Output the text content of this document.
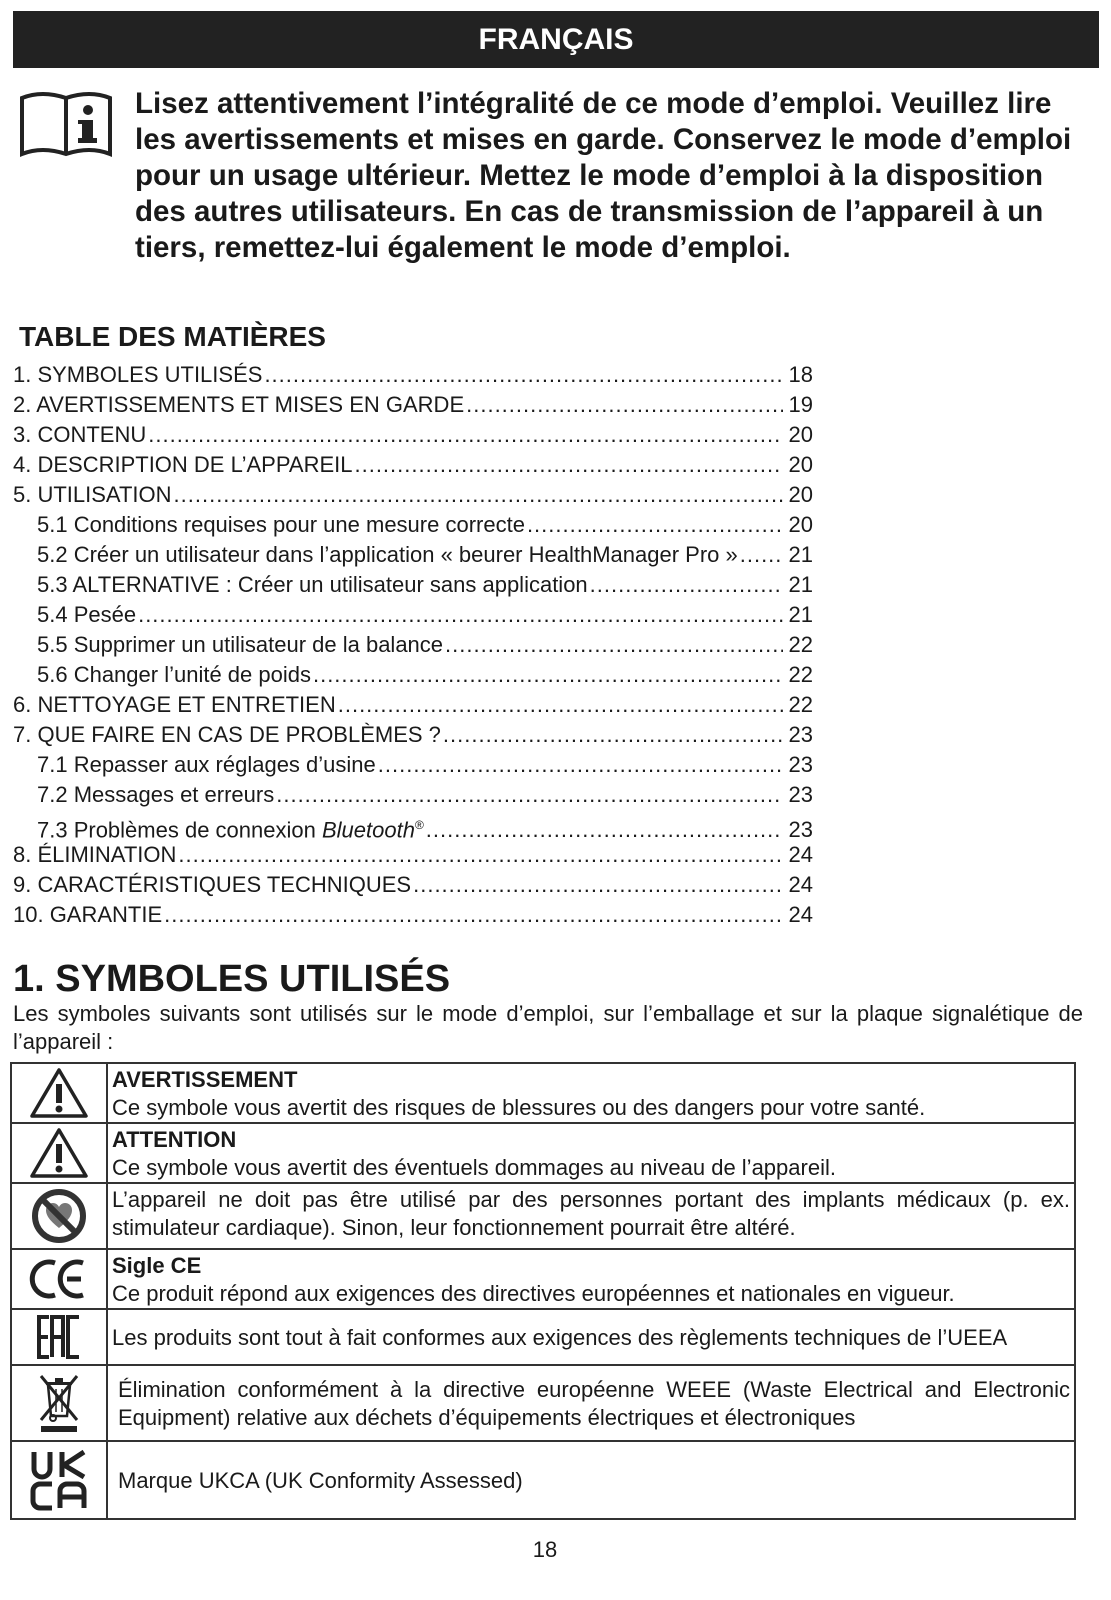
FRANÇAIS
Lisez attentivement l’intégralité de ce mode d’emploi. Veuillez lire les avertissements et mises en garde. Conservez le mode d’emploi pour un usage ultérieur. Mettez le mode d’emploi à la disposition des autres utilisateurs. En cas de transmission de l’appareil à un tiers, remettez-lui également le mode d’emploi.
TABLE DES MATIÈRES
1. SYMBOLES UTILISÉS .....	18
2. AVERTISSEMENTS ET MISES EN GARDE .....	19
3. CONTENU .....	20
4. DESCRIPTION DE L’APPAREIL .....	20
5. UTILISATION .....	20
5.1 Conditions requises pour une mesure correcte .....	20
5.2 Créer un utilisateur dans l’application « beurer HealthManager Pro » ..... 21
5.3 ALTERNATIVE : Créer un utilisateur sans application .....	21
5.4 Pesée .....	21
5.5 Supprimer un utilisateur de la balance .....	22
5.6 Changer l’unité de poids .....	22
6. NETTOYAGE ET ENTRETIEN .....	22
7. QUE FAIRE EN CAS DE PROBLÈMES ? .....	23
7.1 Repasser aux réglages d’usine .....	23
7.2 Messages et erreurs .....	23
7.3 Problèmes de connexion Bluetooth® .....	23
8. ÉLIMINATION .....	24
9. CARACTÉRISTIQUES TECHNIQUES .....	24
10. GARANTIE .....	24
1. SYMBOLES UTILISÉS
Les symboles suivants sont utilisés sur le mode d’emploi, sur l’emballage et sur la plaque signalétique de l’appareil :

AVERTISSEMENT
Ce symbole vous avertit des risques de blessures ou des dangers pour votre santé.

ATTENTION
Ce symbole vous avertit des éventuels dommages au niveau de l’appareil.

L’appareil ne doit pas être utilisé par des personnes portant des implants médicaux (p. ex. stimulateur cardiaque). Sinon, leur fonctionnement pourrait être altéré.

Sigle CE
Ce produit répond aux exigences des directives européennes et nationales en vigueur.

Les produits sont tout à fait conformes aux exigences des règlements techniques de l’UEEA

Élimination conformément à la directive européenne WEEE (Waste Electrical and Electronic Equipment) relative aux déchets d’équipements électriques et électroniques

Marque UKCA (UK Conformity Assessed)
18
